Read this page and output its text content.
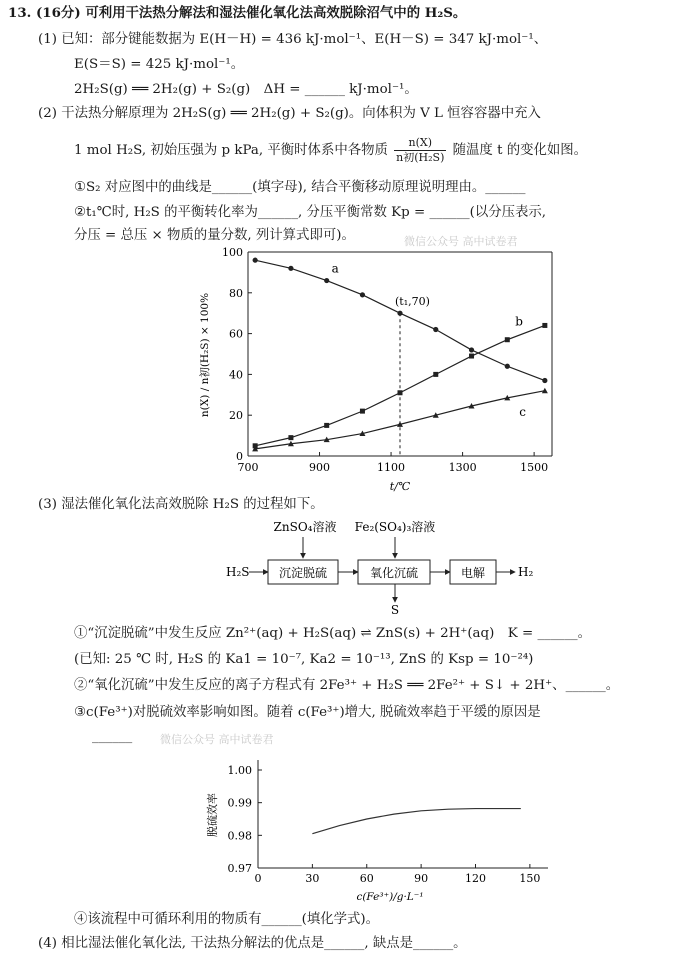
13. (16分) 可利用干法热分解法和湿法催化氧化法高效脱除沼气中的 H₂S。
(1) 已知：部分键能数据为 E(H－H) = 436 kJ·mol⁻¹、E(H－S) = 347 kJ·mol⁻¹、
E(S＝S) = 425 kJ·mol⁻¹。
2H₂S(g) ══ 2H₂(g) + S₂(g)　ΔH = ______ kJ·mol⁻¹。
(2) 干法热分解原理为 2H₂S(g) ══ 2H₂(g) + S₂(g)。向体积为 V L 恒容容器中充入
1 mol H₂S, 初始压强为 p kPa, 平衡时体系中各物质
n(X)
n初(H₂S) 随温度 t 的变化如图。
①S₂ 对应图中的曲线是______(填字母), 结合平衡移动原理说明理由。______
②t₁℃时, H₂S 的平衡转化率为______, 分压平衡常数 Kp = ______(以分压表示,
分压 = 总压 × 物质的量分数, 列计算式即可)。	微信公众号 高中试卷君
(3) 湿法催化氧化法高效脱除 H₂S 的过程如下。
①“沉淀脱硫”中发生反应 Zn²⁺(aq) + H₂S(aq) ⇌ ZnS(s) + 2H⁺(aq)　K = ______。
(已知: 25 ℃ 时, H₂S 的 Ka1 = 10⁻⁷, Ka2 = 10⁻¹³, ZnS 的 Ksp = 10⁻²⁴)
②“氧化沉硫”中发生反应的离子方程式有 2Fe³⁺ + H₂S ══ 2Fe²⁺ + S↓ + 2H⁺、______。
③c(Fe³⁺)对脱硫效率影响如图。随着 c(Fe³⁺)增大, 脱硫效率趋于平缓的原因是
______	微信公众号 高中试卷君
④该流程中可循环利用的物质有______(填化学式)。
(4) 相比湿法催化氧化法, 干法热分解法的优点是______, 缺点是______。
700	900	1100	1300	1500
0
20
40
60
80
100
a
b
c
(t₁,70)
t/℃
n(X) / n初(H₂S) × 100%
ZnSO₄溶液 Fe₂(SO₄)₃溶液
H₂S 沉淀脱硫	氧化沉硫	电解	H₂
S
0	30	60	90	120	150
0.97
0.98
0.99
1.00
c(Fe³⁺)/g·L⁻¹
脱硫效率
